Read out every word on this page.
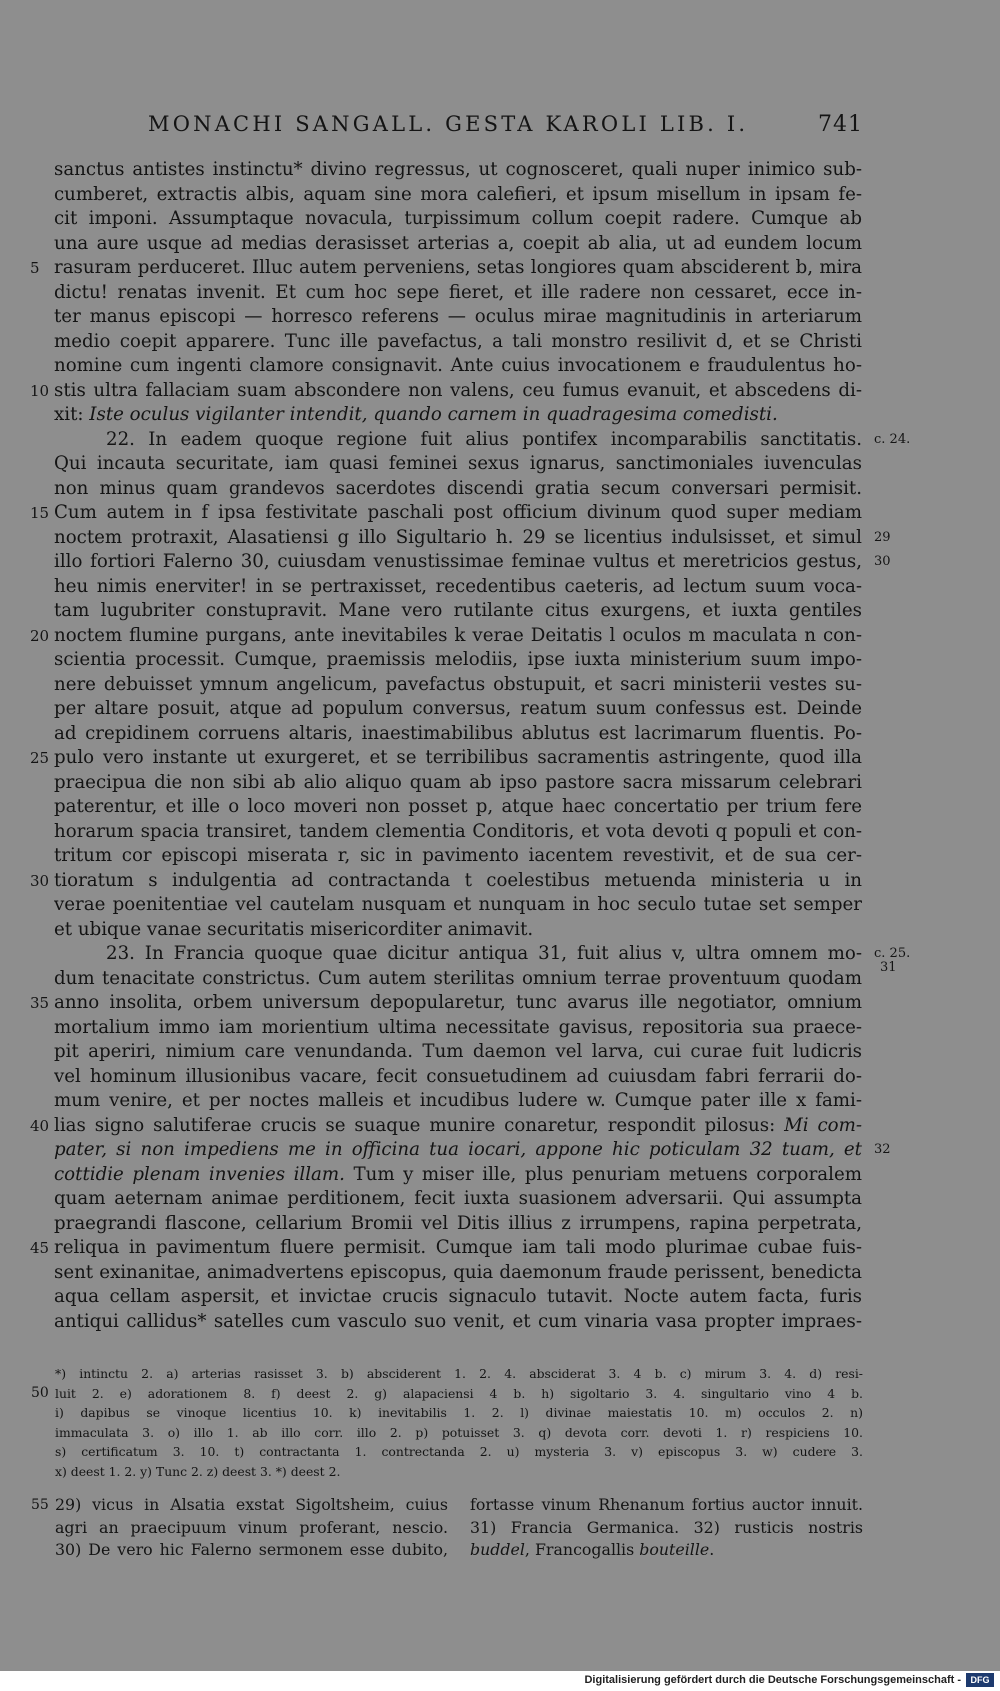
MONACHI SANGALL. GESTA KAROLI LIB. I.	741
sanctus antistes instinctu* divino regressus, ut cognosceret, quali nuper inimico sub-
cumberet, extractis albis, aquam sine mora calefieri, et ipsum misellum in ipsam fe-
cit imponi. Assumptaque novacula, turpissimum collum coepit radere. Cumque ab
una aure usque ad medias derasisset arterias a, coepit ab alia, ut ad eundem locum
5 rasuram perduceret. Illuc autem perveniens, setas longiores quam absciderent b, mira
dictu! renatas invenit. Et cum hoc sepe fieret, et ille radere non cessaret, ecce in-
ter manus episcopi — horresco referens — oculus mirae magnitudinis in arteriarum
medio coepit apparere. Tunc ille pavefactus, a tali monstro resilivit d, et se Christi
nomine cum ingenti clamore consignavit. Ante cuius invocationem e fraudulentus ho-
10 stis ultra fallaciam suam abscondere non valens, ceu fumus evanuit, et abscedens di-
xit: Iste oculus vigilanter intendit, quando carnem in quadragesima comedisti.
22. In eadem quoque regione fuit alius pontifex incomparabilis sanctitatis. c. 24.
Qui incauta securitate, iam quasi feminei sexus ignarus, sanctimoniales iuvenculas
non minus quam grandevos sacerdotes discendi gratia secum conversari permisit.
15 Cum autem in f ipsa festivitate paschali post officium divinum quod super mediam
noctem protraxit, Alasatiensi g illo Sigultario h. 29 se licentius indulsisset, et simul 29
illo fortiori Falerno 30, cuiusdam venustissimae feminae vultus et meretricios gestus, 30
heu nimis enerviter! in se pertraxisset, recedentibus caeteris, ad lectum suum voca-
tam lugubriter constupravit. Mane vero rutilante citus exurgens, et iuxta gentiles
20 noctem flumine purgans, ante inevitabiles k verae Deitatis l oculos m maculata n con-
scientia processit. Cumque, praemissis melodiis, ipse iuxta ministerium suum impo-
nere debuisset ymnum angelicum, pavefactus obstupuit, et sacri ministerii vestes su-
per altare posuit, atque ad populum conversus, reatum suum confessus est. Deinde
ad crepidinem corruens altaris, inaestimabilibus ablutus est lacrimarum fluentis. Po-
25 pulo vero instante ut exurgeret, et se terribilibus sacramentis astringente, quod illa
praecipua die non sibi ab alio aliquo quam ab ipso pastore sacra missarum celebrari
paterentur, et ille o loco moveri non posset p, atque haec concertatio per trium fere
horarum spacia transiret, tandem clementia Conditoris, et vota devoti q populi et con-
tritum cor episcopi miserata r, sic in pavimento iacentem revestivit, et de sua cer-
30 tioratum s indulgentia ad contractanda t coelestibus metuenda ministeria u in
verae poenitentiae vel cautelam nusquam et nunquam in hoc seculo tutae set semper
et ubique vanae securitatis misericorditer animavit.
23. In Francia quoque quae dicitur antiqua 31, fuit alius v, ultra omnem mo- c. 25.
31
dum tenacitate constrictus. Cum autem sterilitas omnium terrae proventuum quodam
35 anno insolita, orbem universum depopularetur, tunc avarus ille negotiator, omnium
mortalium immo iam morientium ultima necessitate gavisus, repositoria sua praece-
pit aperiri, nimium care venundanda. Tum daemon vel larva, cui curae fuit ludicris
vel hominum illusionibus vacare, fecit consuetudinem ad cuiusdam fabri ferrarii do-
mum venire, et per noctes malleis et incudibus ludere w. Cumque pater ille x fami-
40 lias signo salutiferae crucis se suaque munire conaretur, respondit pilosus: Mi com-
pater, si non impediens me in officina tua iocari, appone hic poticulam 32 tuam, et 32
cottidie plenam invenies illam. Tum y miser ille, plus penuriam metuens corporalem
quam aeternam animae perditionem, fecit iuxta suasionem adversarii. Qui assumpta
praegrandi flascone, cellarium Bromii vel Ditis illius z irrumpens, rapina perpetrata,
45 reliqua in pavimentum fluere permisit. Cumque iam tali modo plurimae cubae fuis-
sent exinanitae, animadvertens episcopus, quia daemonum fraude perissent, benedicta
aqua cellam aspersit, et invictae crucis signaculo tutavit. Nocte autem facta, furis
antiqui callidus* satelles cum vasculo suo venit, et cum vinaria vasa propter impraes-
*) intinctu 2. a) arterias rasisset 3. b) absciderent 1. 2. 4. absciderat 3. 4 b. c) mirum 3. 4. d) resi-
50 luit 2. e) adorationem 8. f) deest 2. g) alapaciensi 4 b. h) sigoltario 3. 4. singultario vino 4 b.
i) dapibus se vinoque licentius 10. k) inevitabilis 1. 2. l) divinae maiestatis 10. m) occulos 2. n)
immaculata 3. o) illo 1. ab illo corr. illo 2. p) potuisset 3. q) devota corr. devoti 1. r) respiciens 10.
s) certificatum 3. 10. t) contractanta 1. contrectanda 2. u) mysteria 3. v) episcopus 3. w) cudere 3.
x) deest 1. 2. y) Tunc 2. z) deest 3. *) deest 2.
55 29) vicus in Alsatia exstat Sigoltsheim, cuius
agri an praecipuum vinum proferant, nescio.
30) De vero hic Falerno sermonem esse dubito,
fortasse vinum Rhenanum fortius auctor innuit.
31) Francia Germanica. 32) rusticis nostris
buddel, Francogallis bouteille.
Digitalisierung gefördert durch die Deutsche Forschungsgemeinschaft -	DFG
